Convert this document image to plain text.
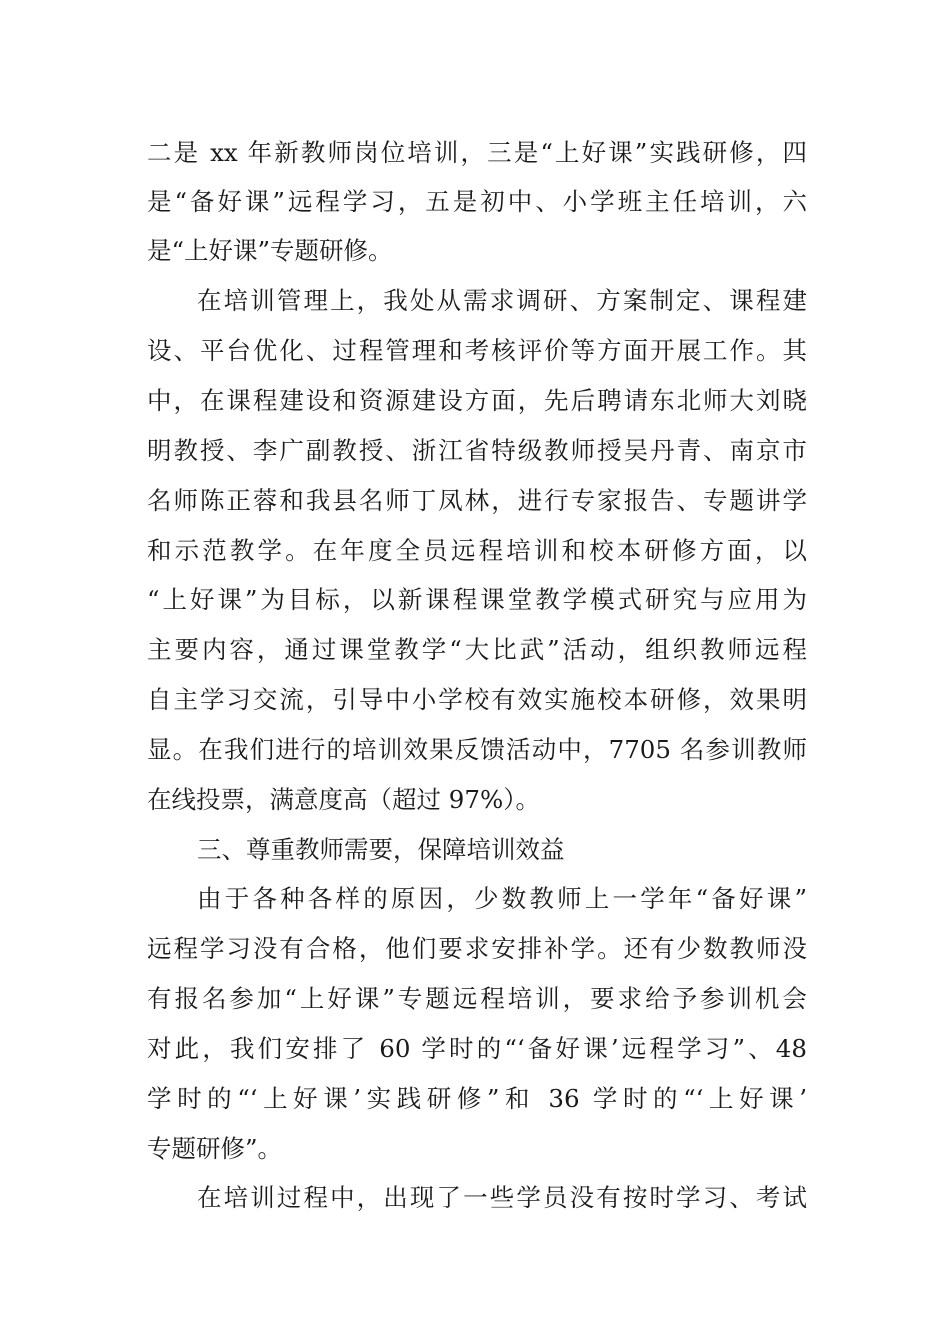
二是 xx 年新教师岗位培训，三是“上好课”实践研修，四
是“备好课”远程学习，五是初中、小学班主任培训，六
是“上好课”专题研修。
在培训管理上，我处从需求调研、方案制定、课程建
设、平台优化、过程管理和考核评价等方面开展工作。其
中，在课程建设和资源建设方面，先后聘请东北师大刘晓
明教授、李广副教授、浙江省特级教师授吴丹青、南京市
名师陈正蓉和我县名师丁凤林，进行专家报告、专题讲学
和示范教学。在年度全员远程培训和校本研修方面，以
“上好课”为目标，以新课程课堂教学模式研究与应用为
主要内容，通过课堂教学“大比武”活动，组织教师远程
自主学习交流，引导中小学校有效实施校本研修，效果明
显。在我们进行的培训效果反馈活动中，7705 名参训教师
在线投票，满意度高（超过 97%）。
三、尊重教师需要，保障培训效益
由于各种各样的原因，少数教师上一学年“备好课”
远程学习没有合格，他们要求安排补学。还有少数教师没
有报名参加“上好课”专题远程培训，要求给予参训机会
对此，我们安排了 60 学时的“‘备好课’远程学习”、48
学时的“‘上好课’实践研修”和 36 学时的“‘上好课’
专题研修”。
在培训过程中，出现了一些学员没有按时学习、考试
